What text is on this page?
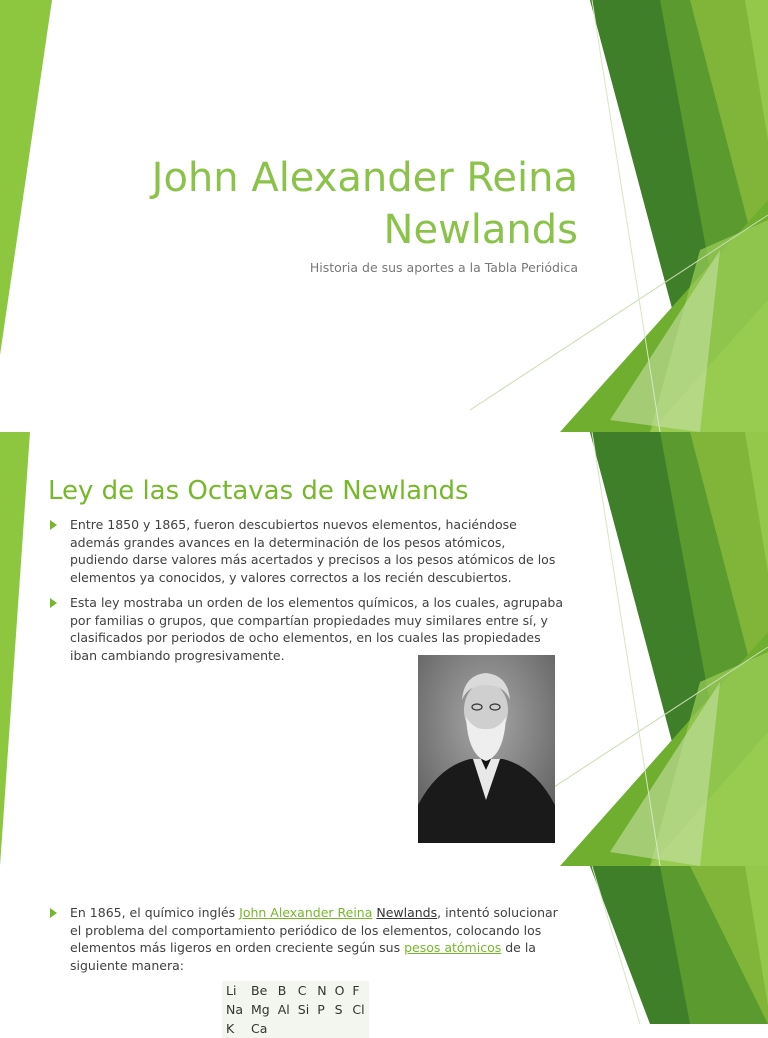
John Alexander Reina
Newlands
Historia de sus aportes a la Tabla Periódica
Ley de las Octavas de Newlands
Entre 1850 y 1865, fueron descubiertos nuevos elementos, haciéndose además grandes avances en la determinación de los pesos atómicos, pudiendo darse valores más acertados y precisos a los pesos atómicos de los elementos ya conocidos, y valores correctos a los recién descubiertos.
Esta ley mostraba un orden de los elementos químicos, a los cuales, agrupaba por familias o grupos, que compartían propiedades muy similares entre sí, y clasificados por periodos de ocho elementos, en los cuales las propiedades iban cambiando progresivamente.
En 1865, el químico inglés John Alexander Reina Newlands, intentó solucionar el problema del comportamiento periódico de los elementos, colocando los elementos más ligeros en orden creciente según sus pesos atómicos de la siguiente manera:
Li	Be	B	C	N	O	F
Na	Mg	Al	Si	P	S	Cl
K	Ca					
